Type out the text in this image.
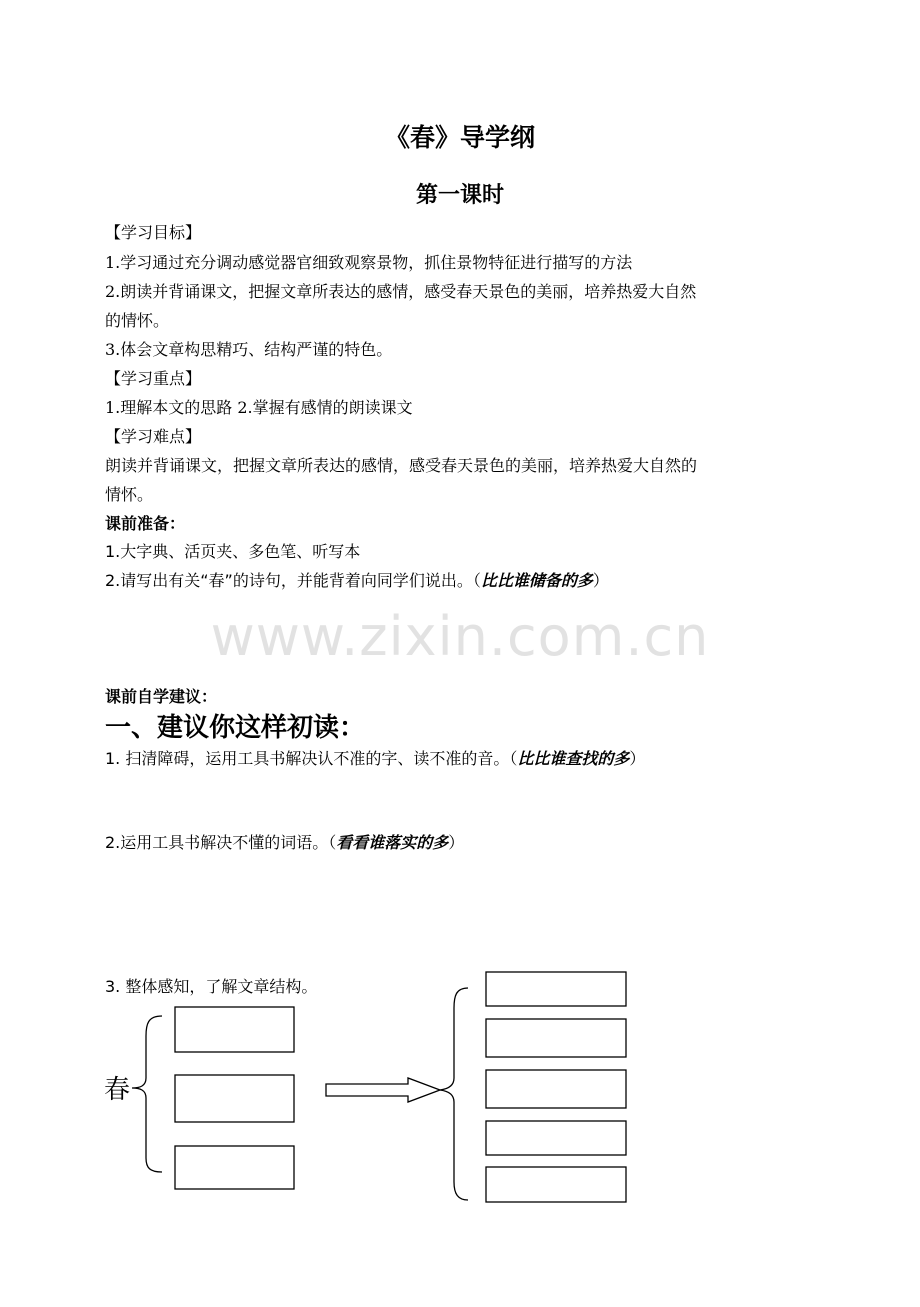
《春》导学纲
第一课时
【学习目标】
1.学习通过充分调动感觉器官细致观察景物，抓住景物特征进行描写的方法
2.朗读并背诵课文，把握文章所表达的感情，感受春天景色的美丽，培养热爱大自然
的情怀。
3.体会文章构思精巧、结构严谨的特色。
【学习重点】
1.理解本文的思路 2.掌握有感情的朗读课文
【学习难点】
朗读并背诵课文，把握文章所表达的感情，感受春天景色的美丽，培养热爱大自然的
情怀。
课前准备：
1.大字典、活页夹、多色笔、听写本
2.请写出有关“春”的诗句，并能背着向同学们说出。（比比谁储备的多）
www.zixin.com.cn
课前自学建议：
一、建议你这样初读：
1. 扫清障碍，运用工具书解决认不准的字、读不准的音。（比比谁查找的多）
2.运用工具书解决不懂的词语。（看看谁落实的多）
3. 整体感知，了解文章结构。
春
